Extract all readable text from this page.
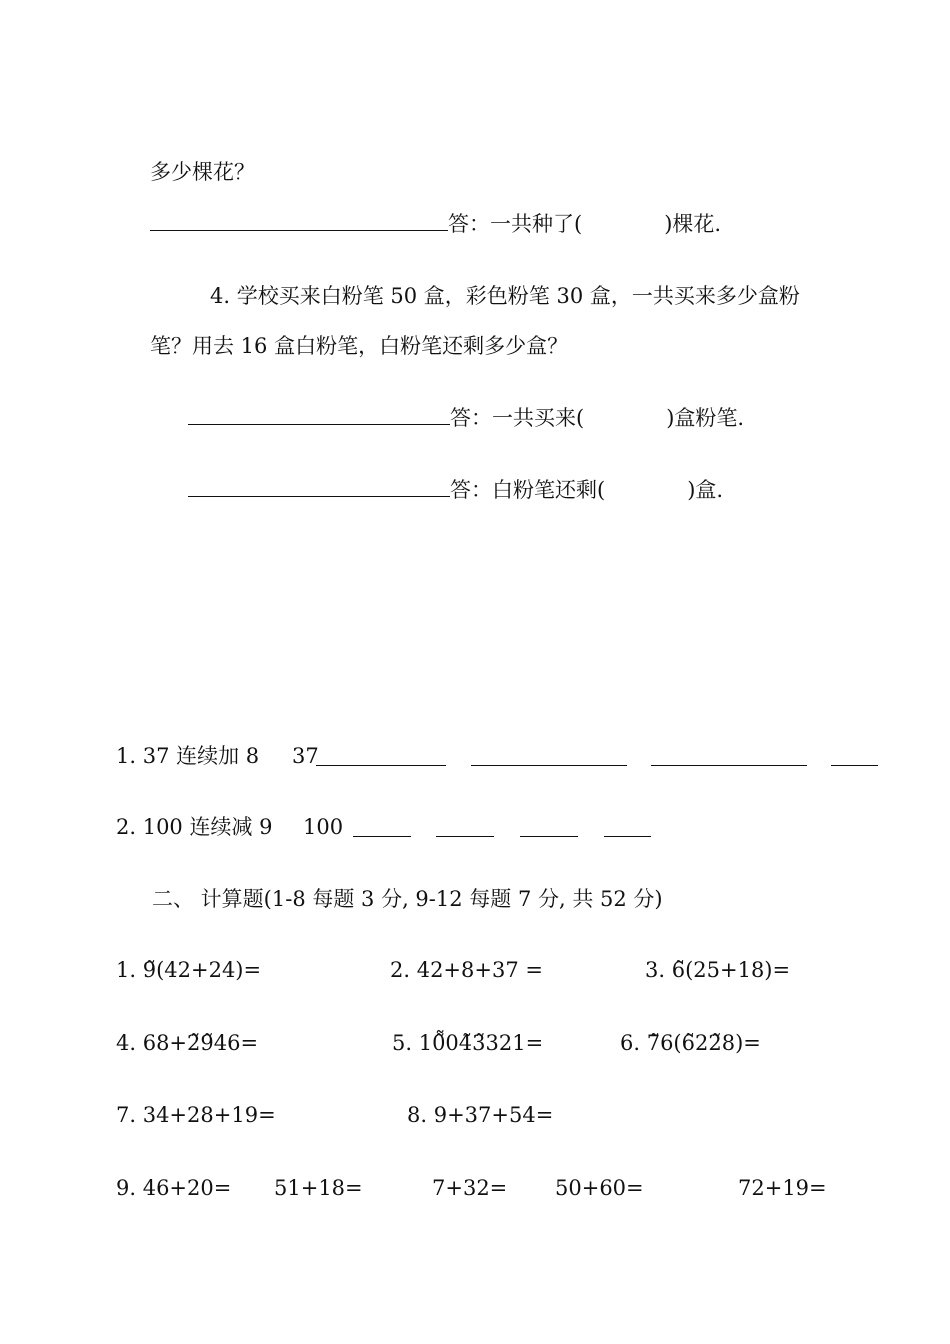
多少棵花？
答：一共种了(	)棵花.
4. 学校买来白粉笔 50 盒，彩色粉笔 30 盒，一共买来多少盒粉
笔？用去 16 盒白粉笔，白粉笔还剩多少盒？
答：一共买来(	)盒粉笔.
答：白粉笔还剩(	)盒.
1. 37 连续加 8 37
2. 100 连续减 9 100
二、 计算题(1-8 每题 3 分, 9-12 每题 7 分, 共 52 分)
1. 9̃(42+24)=	2. 42+8+37 =	3. 6̃(25+18)=
4. 68+2̃9̃46=	5. 10̃̃04̃3̃321=	6. 7̃6(6̃22̃8)=
7. 34+28+19=	8. 9+37+54=
9. 46+20= 51+18=	7+32= 50+60=	72+19=
